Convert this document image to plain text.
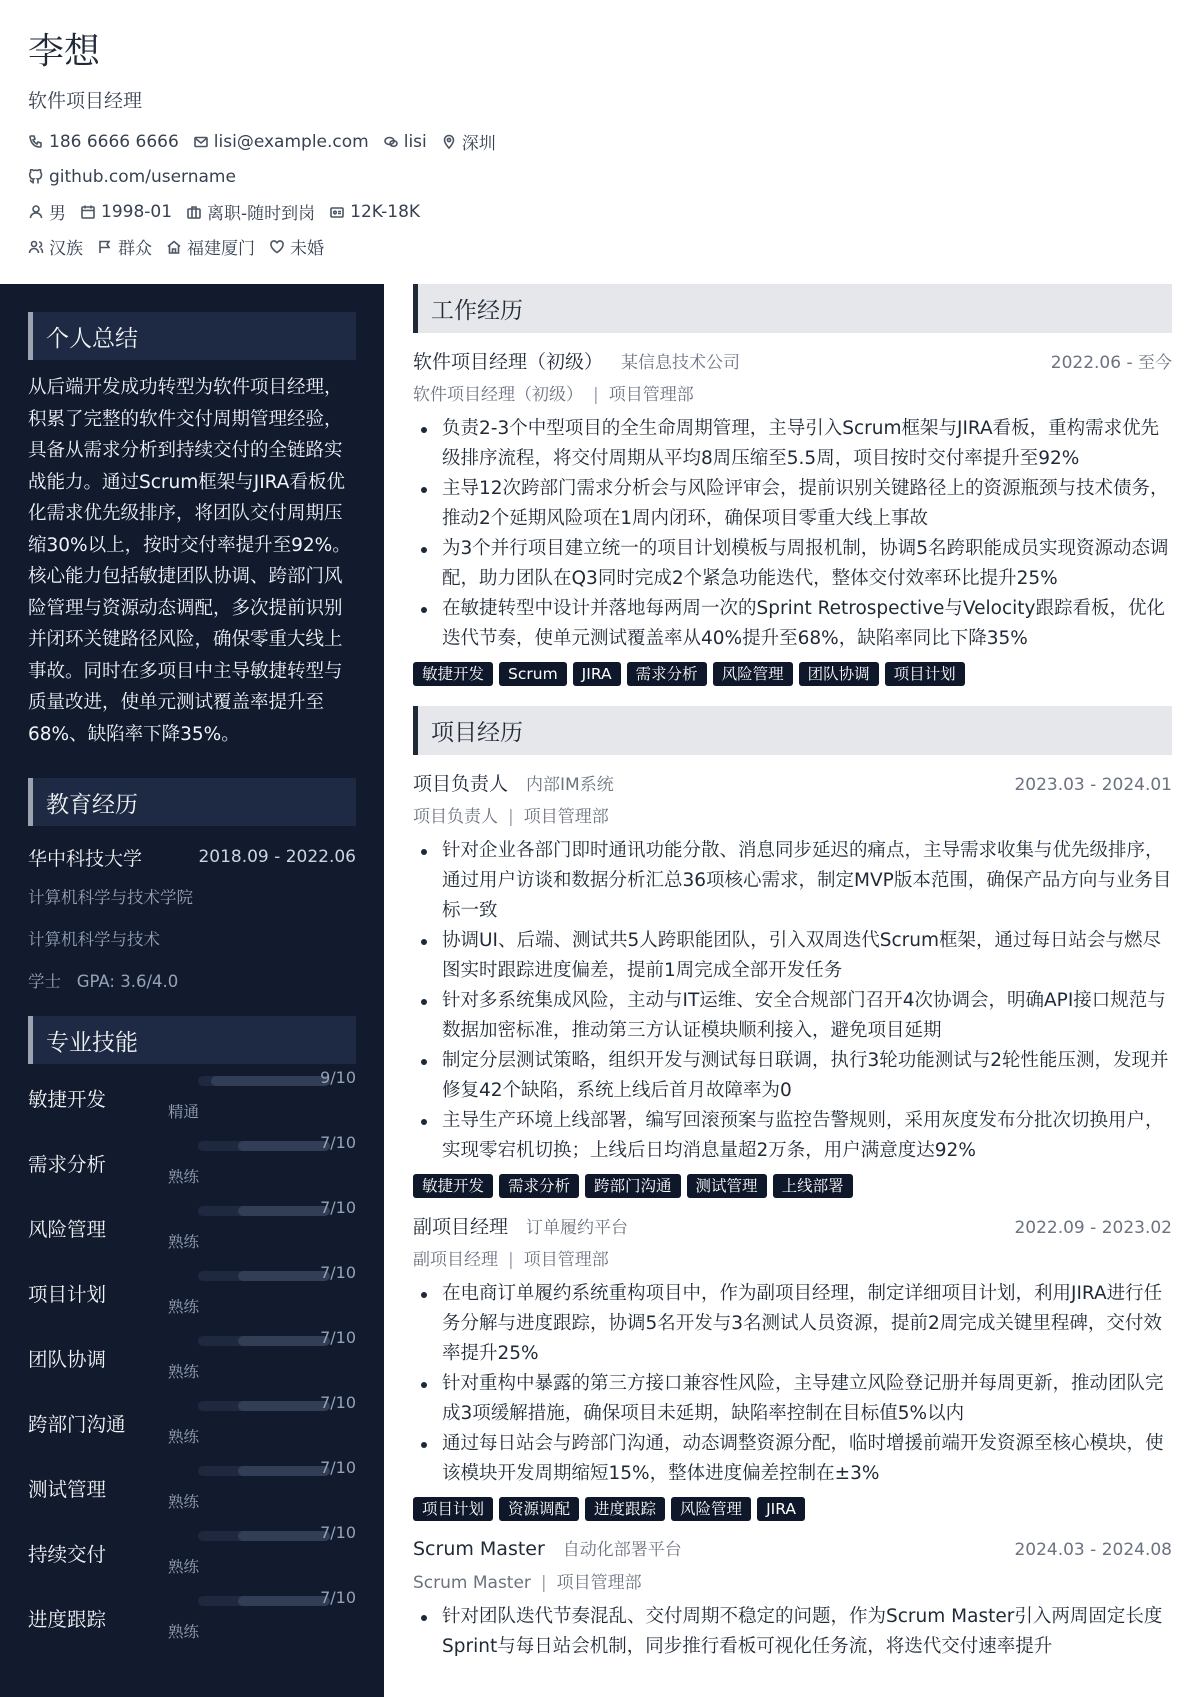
李想
软件项目经理
186 6666 6666 lisi@example.com lisi 深圳
github.com/username
男 1998-01 离职-随时到岗 12K-18K
汉族 群众 福建厦门 未婚
个人总结
从后端开发成功转型为软件项目经理，积累了完整的软件交付周期管理经验，具备从需求分析到持续交付的全链路实战能力。通过Scrum框架与JIRA看板优化需求优先级排序，将团队交付周期压缩30%以上，按时交付率提升至92%。核心能力包括敏捷团队协调、跨部门风险管理与资源动态调配，多次提前识别并闭环关键路径风险，确保零重大线上事故。同时在多项目中主导敏捷转型与质量改进，使单元测试覆盖率提升至68%、缺陷率下降35%。
教育经历
华中科技大学	2018.09 - 2022.06
计算机科学与技术学院
计算机科学与技术
学士 GPA: 3.6/4.0
专业技能
敏捷开发
精通
9/10
需求分析
熟练
7/10
风险管理
熟练
7/10
项目计划
熟练
7/10
团队协调
熟练
7/10
跨部门沟通
熟练
7/10
测试管理
熟练
7/10
持续交付
熟练
7/10
进度跟踪
熟练
7/10
工作经历
软件项目经理（初级） 某信息技术公司	2022.06 - 至今
软件项目经理（初级） | 项目管理部
负责2-3个中型项目的全生命周期管理，主导引入Scrum框架与JIRA看板，重构需求优先级排序流程，将交付周期从平均8周压缩至5.5周，项目按时交付率提升至92%
主导12次跨部门需求分析会与风险评审会，提前识别关键路径上的资源瓶颈与技术债务，推动2个延期风险项在1周内闭环，确保项目零重大线上事故
为3个并行项目建立统一的项目计划模板与周报机制，协调5名跨职能成员实现资源动态调配，助力团队在Q3同时完成2个紧急功能迭代，整体交付效率环比提升25%
在敏捷转型中设计并落地每两周一次的Sprint Retrospective与Velocity跟踪看板，优化迭代节奏，使单元测试覆盖率从40%提升至68%，缺陷率同比下降35%
敏捷开发	Scrum	JIRA	需求分析	风险管理	团队协调	项目计划
项目经历
项目负责人 内部IM系统	2023.03 - 2024.01
项目负责人 | 项目管理部
针对企业各部门即时通讯功能分散、消息同步延迟的痛点，主导需求收集与优先级排序，通过用户访谈和数据分析汇总36项核心需求，制定MVP版本范围，确保产品方向与业务目标一致
协调UI、后端、测试共5人跨职能团队，引入双周迭代Scrum框架，通过每日站会与燃尽图实时跟踪进度偏差，提前1周完成全部开发任务
针对多系统集成风险，主动与IT运维、安全合规部门召开4次协调会，明确API接口规范与数据加密标准，推动第三方认证模块顺利接入，避免项目延期
制定分层测试策略，组织开发与测试每日联调，执行3轮功能测试与2轮性能压测，发现并修复42个缺陷，系统上线后首月故障率为0
主导生产环境上线部署，编写回滚预案与监控告警规则，采用灰度发布分批次切换用户，实现零宕机切换；上线后日均消息量超2万条，用户满意度达92%
敏捷开发	需求分析	跨部门沟通	测试管理	上线部署
副项目经理 订单履约平台	2022.09 - 2023.02
副项目经理 | 项目管理部
在电商订单履约系统重构项目中，作为副项目经理，制定详细项目计划，利用JIRA进行任务分解与进度跟踪，协调5名开发与3名测试人员资源，提前2周完成关键里程碑，交付效率提升25%
针对重构中暴露的第三方接口兼容性风险，主导建立风险登记册并每周更新，推动团队完成3项缓解措施，确保项目未延期，缺陷率控制在目标值5%以内
通过每日站会与跨部门沟通，动态调整资源分配，临时增援前端开发资源至核心模块，使该模块开发周期缩短15%，整体进度偏差控制在±3%
项目计划	资源调配	进度跟踪	风险管理	JIRA
Scrum Master 自动化部署平台	2024.03 - 2024.08
Scrum Master | 项目管理部
针对团队迭代节奏混乱、交付周期不稳定的问题，作为Scrum Master引入两周固定长度Sprint与每日站会机制，同步推行看板可视化任务流，将迭代交付速率提升
